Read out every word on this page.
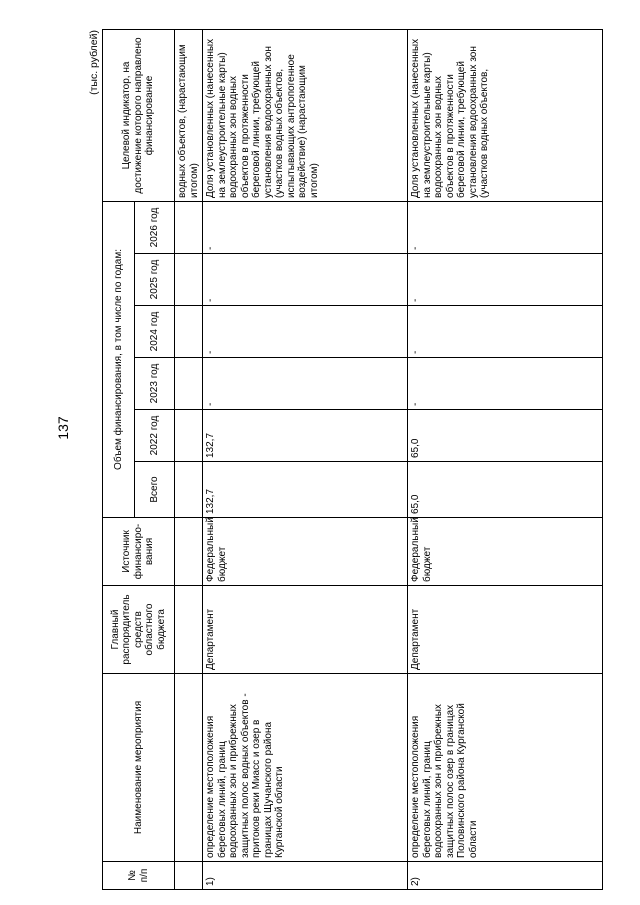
137
(тыс. рублей)
№ п/п	Наименование мероприятия	Главный распорядитель средств областного бюджета	Источник финансиро-вания	Объем финансирования, в том числе по годам:						Целевой индикатор, на достижение которого направлено финансирование
				Всего	2022 год	2023 год	2024 год	2025 год	2026 год	
										водных объектов, (нарастающим итогом)
1)	определение местоположения береговых линий, границ водоохранных зон и прибрежных защитных полос водных объектов - притоков реки Миасс и озер в границах Щучанского района Курганской области	Департамент	Федеральный бюджет	132,7	132,7	-	-	-	-	Доля установленных (нанесенных на землеустроительные карты) водоохранных зон водных объектов в протяженности береговой линии, требующей установления водоохранных зон (участков водных объектов, испытывающих антропогенное воздействие) (нарастающим итогом)
2)	определение местоположения береговых линий, границ водоохранных зон и прибрежных защитных полос озер в границах Половинского района Курганской области	Департамент	Федеральный бюджет	65,0	65,0	-	-	-	-	Доля установленных (нанесенных на землеустроительные карты) водоохранных зон водных объектов в протяженности береговой линии, требующей установления водоохранных зон (участков водных объектов,
